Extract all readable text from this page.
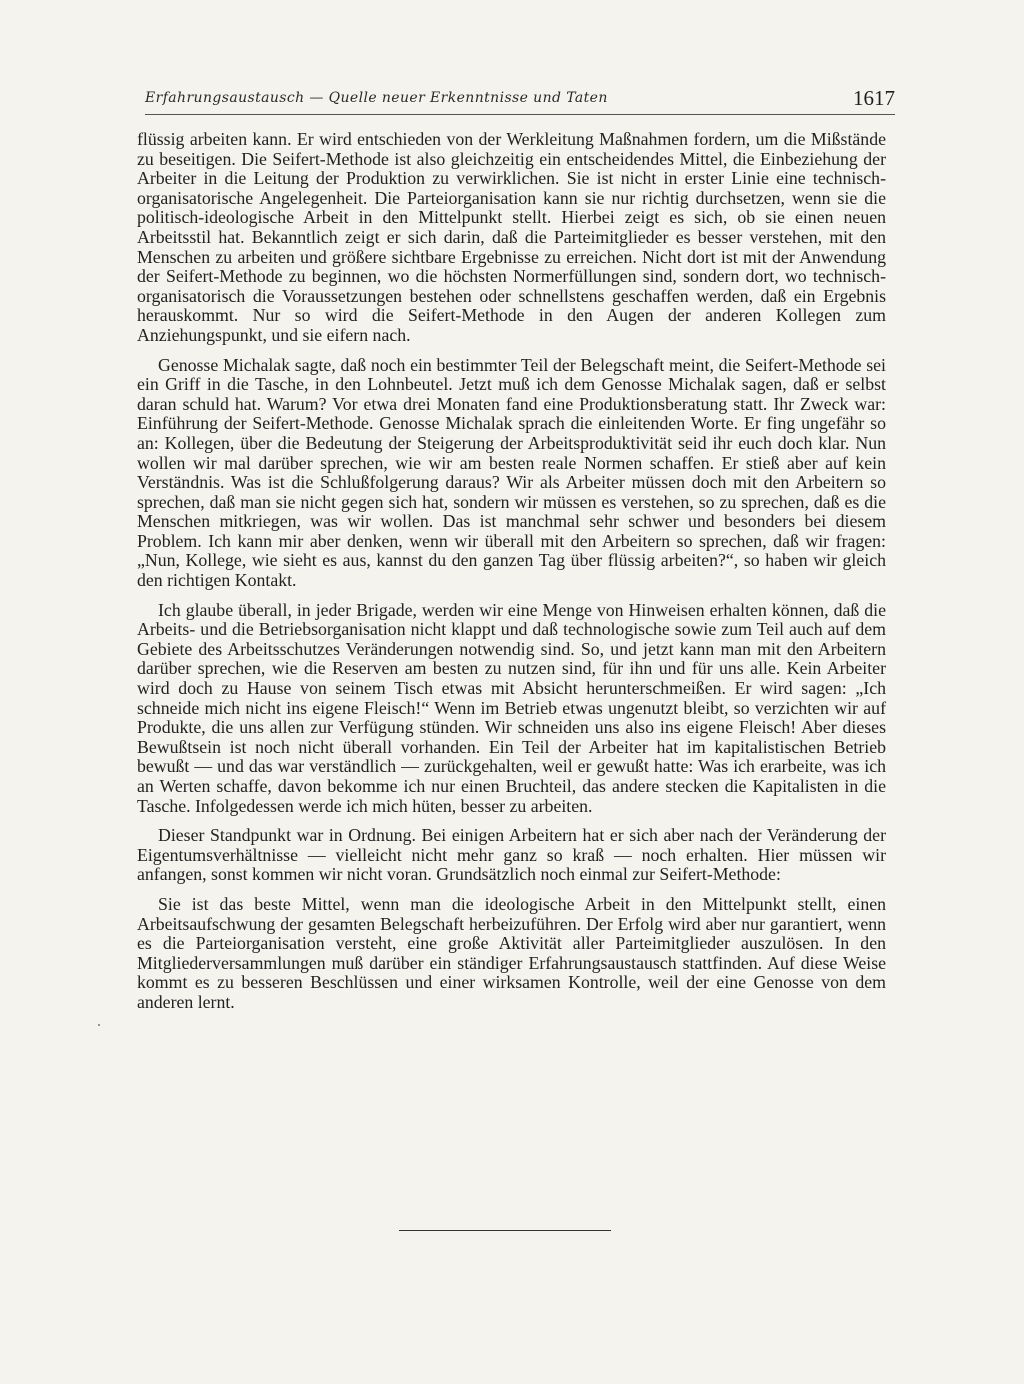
Erfahrungsaustausch — Quelle neuer Erkenntnisse und Taten	1617

flüssig arbeiten kann. Er wird entschieden von der Werkleitung Maßnahmen fordern, um die Mißstände zu beseitigen. Die Seifert-Methode ist also gleichzeitig ein entscheidendes Mittel, die Einbeziehung der Arbeiter in die Leitung der Produktion zu verwirklichen. Sie ist nicht in erster Linie eine technisch-organisatorische Angelegenheit. Die Parteiorganisation kann sie nur richtig durchsetzen, wenn sie die politisch-ideologische Arbeit in den Mittelpunkt stellt. Hierbei zeigt es sich, ob sie einen neuen Arbeitsstil hat. Bekanntlich zeigt er sich darin, daß die Parteimitglieder es besser verstehen, mit den Menschen zu arbeiten und größere sichtbare Ergebnisse zu erreichen. Nicht dort ist mit der Anwendung der Seifert-Methode zu beginnen, wo die höchsten Normerfüllungen sind, sondern dort, wo technisch-organisatorisch die Voraussetzungen bestehen oder schnellstens geschaffen werden, daß ein Ergebnis herauskommt. Nur so wird die Seifert-Methode in den Augen der anderen Kollegen zum Anziehungspunkt, und sie eifern nach.

Genosse Michalak sagte, daß noch ein bestimmter Teil der Belegschaft meint, die Seifert-Methode sei ein Griff in die Tasche, in den Lohnbeutel. Jetzt muß ich dem Genosse Michalak sagen, daß er selbst daran schuld hat. Warum? Vor etwa drei Monaten fand eine Produktionsberatung statt. Ihr Zweck war: Einführung der Seifert-Methode. Genosse Michalak sprach die einleitenden Worte. Er fing ungefähr so an: Kollegen, über die Bedeutung der Steigerung der Arbeitsproduktivität seid ihr euch doch klar. Nun wollen wir mal darüber sprechen, wie wir am besten reale Normen schaffen. Er stieß aber auf kein Verständnis. Was ist die Schlußfolgerung daraus? Wir als Arbeiter müssen doch mit den Arbeitern so sprechen, daß man sie nicht gegen sich hat, sondern wir müssen es verstehen, so zu sprechen, daß es die Menschen mitkriegen, was wir wollen. Das ist manchmal sehr schwer und besonders bei diesem Problem. Ich kann mir aber denken, wenn wir überall mit den Arbeitern so sprechen, daß wir fragen: „Nun, Kollege, wie sieht es aus, kannst du den ganzen Tag über flüssig arbeiten?“, so haben wir gleich den richtigen Kontakt.

Ich glaube überall, in jeder Brigade, werden wir eine Menge von Hinweisen erhalten können, daß die Arbeits- und die Betriebsorganisation nicht klappt und daß technologische sowie zum Teil auch auf dem Gebiete des Arbeitsschutzes Veränderungen notwendig sind. So, und jetzt kann man mit den Arbeitern darüber sprechen, wie die Reserven am besten zu nutzen sind, für ihn und für uns alle. Kein Arbeiter wird doch zu Hause von seinem Tisch etwas mit Absicht herunterschmeißen. Er wird sagen: „Ich schneide mich nicht ins eigene Fleisch!“ Wenn im Betrieb etwas ungenutzt bleibt, so verzichten wir auf Produkte, die uns allen zur Verfügung stünden. Wir schneiden uns also ins eigene Fleisch! Aber dieses Bewußtsein ist noch nicht überall vorhanden. Ein Teil der Arbeiter hat im kapitalistischen Betrieb bewußt — und das war verständlich — zurückgehalten, weil er gewußt hatte: Was ich erarbeite, was ich an Werten schaffe, davon bekomme ich nur einen Bruchteil, das andere stecken die Kapitalisten in die Tasche. Infolgedessen werde ich mich hüten, besser zu arbeiten.

Dieser Standpunkt war in Ordnung. Bei einigen Arbeitern hat er sich aber nach der Veränderung der Eigentumsverhältnisse — vielleicht nicht mehr ganz so kraß — noch erhalten. Hier müssen wir anfangen, sonst kommen wir nicht voran. Grundsätzlich noch einmal zur Seifert-Methode:

Sie ist das beste Mittel, wenn man die ideologische Arbeit in den Mittelpunkt stellt, einen Arbeitsaufschwung der gesamten Belegschaft herbeizuführen. Der Erfolg wird aber nur garantiert, wenn es die Parteiorganisation versteht, eine große Aktivität aller Parteimitglieder auszulösen. In den Mitgliederversammlungen muß darüber ein ständiger Erfahrungsaustausch stattfinden. Auf diese Weise kommt es zu besseren Beschlüssen und einer wirksamen Kontrolle, weil der eine Genosse von dem anderen lernt.
